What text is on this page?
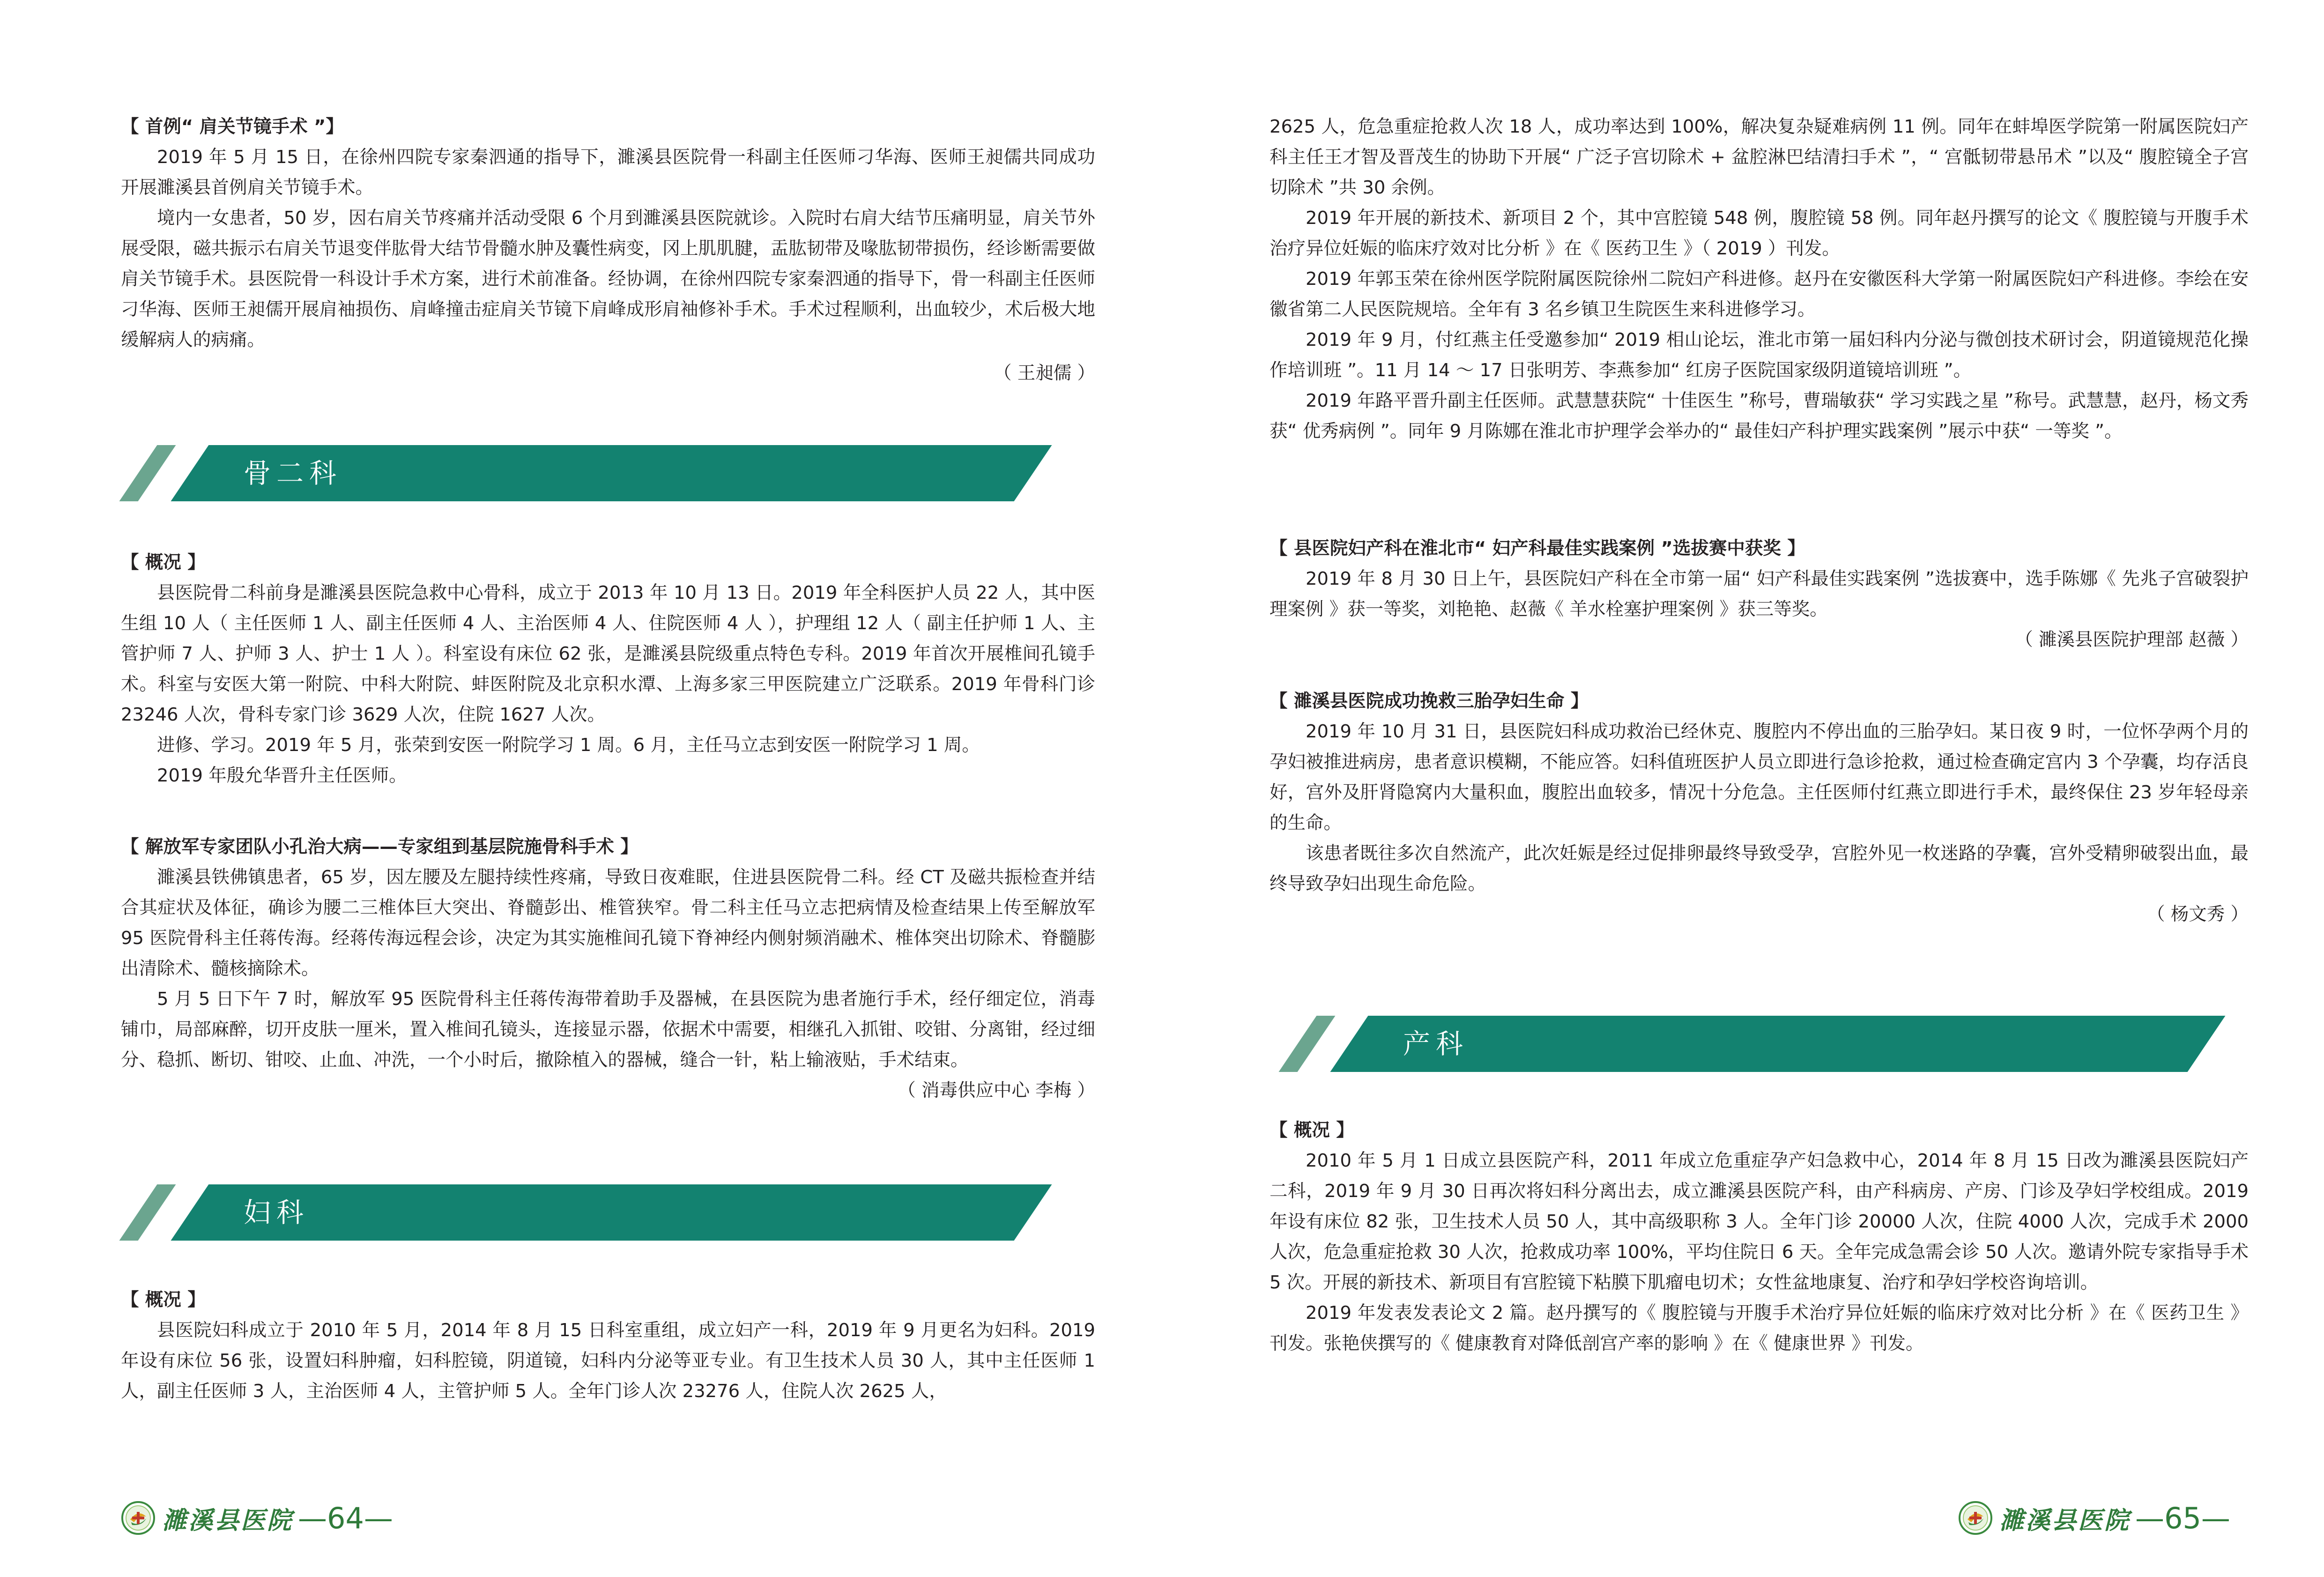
【 首例“ 肩关节镜手术 ”】

2019 年 5 月 15 日，在徐州四院专家秦泗通的指导下，濉溪县医院骨一科副主任医师刁华海、医师王昶儒共同成功开展濉溪县首例肩关节镜手术。

境内一女患者，50 岁，因右肩关节疼痛并活动受限 6 个月到濉溪县医院就诊。入院时右肩大结节压痛明显，肩关节外展受限，磁共振示右肩关节退变伴肱骨大结节骨髓水肿及囊性病变，冈上肌肌腱，盂肱韧带及喙肱韧带损伤，经诊断需要做肩关节镜手术。县医院骨一科设计手术方案，进行术前准备。经协调，在徐州四院专家秦泗通的指导下，骨一科副主任医师刁华海、医师王昶儒开展肩袖损伤、肩峰撞击症肩关节镜下肩峰成形肩袖修补手术。手术过程顺利，出血较少，术后极大地缓解病人的病痛。

（ 王昶儒 ）
骨二科
【 概况 】

县医院骨二科前身是濉溪县医院急救中心骨科，成立于 2013 年 10 月 13 日。2019 年全科医护人员 22 人，其中医生组 10 人（ 主任医师 1 人、副主任医师 4 人、主治医师 4 人、住院医师 4 人 ），护理组 12 人（ 副主任护师 1 人、主管护师 7 人、护师 3 人、护士 1 人 ）。科室设有床位 62 张，是濉溪县院级重点特色专科。2019 年首次开展椎间孔镜手术。科室与安医大第一附院、中科大附院、蚌医附院及北京积水潭、上海多家三甲医院建立广泛联系。2019 年骨科门诊 23246 人次，骨科专家门诊 3629 人次，住院 1627 人次。

进修、学习。2019 年 5 月，张荣到安医一附院学习 1 周。6 月，主任马立志到安医一附院学习 1 周。

2019 年殷允华晋升主任医师。

【 解放军专家团队小孔治大病——专家组到基层院施骨科手术 】

濉溪县铁佛镇患者，65 岁，因左腰及左腿持续性疼痛，导致日夜难眠，住进县医院骨二科。经 CT 及磁共振检查并结合其症状及体征，确诊为腰二三椎体巨大突出、脊髓彭出、椎管狭窄。骨二科主任马立志把病情及检查结果上传至解放军 95 医院骨科主任蒋传海。经蒋传海远程会诊，决定为其实施椎间孔镜下脊神经内侧射频消融术、椎体突出切除术、脊髓膨出清除术、髓核摘除术。

5 月 5 日下午 7 时，解放军 95 医院骨科主任蒋传海带着助手及器械，在县医院为患者施行手术，经仔细定位，消毒铺巾，局部麻醉，切开皮肤一厘米，置入椎间孔镜头，连接显示器，依据术中需要，相继孔入抓钳、咬钳、分离钳，经过细分、稳抓、断切、钳咬、止血、冲洗，一个小时后，撤除植入的器械，缝合一针，粘上输液贴，手术结束。

（ 消毒供应中心 李梅 ）
妇科
【 概况 】

县医院妇科成立于 2010 年 5 月，2014 年 8 月 15 日科室重组，成立妇产一科，2019 年 9 月更名为妇科。2019 年设有床位 56 张，设置妇科肿瘤，妇科腔镜，阴道镜，妇科内分泌等亚专业。有卫生技术人员 30 人，其中主任医师 1 人，副主任医师 3 人，主治医师 4 人，主管护师 5 人。全年门诊人次 23276 人，住院人次 2625 人，

濉溪县医院 —64—

2625 人，危急重症抢救人次 18 人，成功率达到 100%，解决复杂疑难病例 11 例。同年在蚌埠医学院第一附属医院妇产科主任王才智及晋茂生的协助下开展“ 广泛子宫切除术 + 盆腔淋巴结清扫手术 ”，“ 宫骶韧带悬吊术 ”以及“ 腹腔镜全子宫切除术 ”共 30 余例。

2019 年开展的新技术、新项目 2 个，其中宫腔镜 548 例，腹腔镜 58 例。同年赵丹撰写的论文《 腹腔镜与开腹手术治疗异位妊娠的临床疗效对比分析 》在《 医药卫生 》（ 2019 ）刊发。

2019 年郭玉荣在徐州医学院附属医院徐州二院妇产科进修。赵丹在安徽医科大学第一附属医院妇产科进修。李绘在安徽省第二人民医院规培。全年有 3 名乡镇卫生院医生来科进修学习。

2019 年 9 月，付红燕主任受邀参加“ 2019 相山论坛，淮北市第一届妇科内分泌与微创技术研讨会，阴道镜规范化操作培训班 ”。11 月 14 ～ 17 日张明芳、李燕参加“ 红房子医院国家级阴道镜培训班 ”。

2019 年路平晋升副主任医师。武慧慧获院“ 十佳医生 ”称号，曹瑞敏获“ 学习实践之星 ”称号。武慧慧，赵丹，杨文秀获“ 优秀病例 ”。同年 9 月陈娜在淮北市护理学会举办的“ 最佳妇产科护理实践案例 ”展示中获“ 一等奖 ”。

【 县医院妇产科在淮北市“ 妇产科最佳实践案例 ”选拔赛中获奖 】

2019 年 8 月 30 日上午，县医院妇产科在全市第一届“ 妇产科最佳实践案例 ”选拔赛中，选手陈娜《 先兆子宫破裂护理案例 》获一等奖，刘艳艳、赵薇《 羊水栓塞护理案例 》获三等奖。

（ 濉溪县医院护理部 赵薇 ）
【 濉溪县医院成功挽救三胎孕妇生命 】

2019 年 10 月 31 日，县医院妇科成功救治已经休克、腹腔内不停出血的三胎孕妇。某日夜 9 时，一位怀孕两个月的孕妇被推进病房，患者意识模糊，不能应答。妇科值班医护人员立即进行急诊抢救，通过检查确定宫内 3 个孕囊，均存活良好，宫外及肝肾隐窝内大量积血，腹腔出血较多，情况十分危急。主任医师付红燕立即进行手术，最终保住 23 岁年轻母亲的生命。

该患者既往多次自然流产，此次妊娠是经过促排卵最终导致受孕，宫腔外见一枚迷路的孕囊，宫外受精卵破裂出血，最终导致孕妇出现生命危险。

（ 杨文秀 ）
产科
【 概况 】

2010 年 5 月 1 日成立县医院产科，2011 年成立危重症孕产妇急救中心，2014 年 8 月 15 日改为濉溪县医院妇产二科，2019 年 9 月 30 日再次将妇科分离出去，成立濉溪县医院产科，由产科病房、产房、门诊及孕妇学校组成。2019 年设有床位 82 张，卫生技术人员 50 人，其中高级职称 3 人。全年门诊 20000 人次，住院 4000 人次，完成手术 2000 人次，危急重症抢救 30 人次，抢救成功率 100%，平均住院日 6 天。全年完成急需会诊 50 人次。邀请外院专家指导手术 5 次。开展的新技术、新项目有宫腔镜下粘膜下肌瘤电切术；女性盆地康复、治疗和孕妇学校咨询培训。

2019 年发表发表论文 2 篇。赵丹撰写的《 腹腔镜与开腹手术治疗异位妊娠的临床疗效对比分析 》在《 医药卫生 》刊发。张艳侠撰写的《 健康教育对降低剖宫产率的影响 》在《 健康世界 》刊发。

濉溪县医院 —65—
